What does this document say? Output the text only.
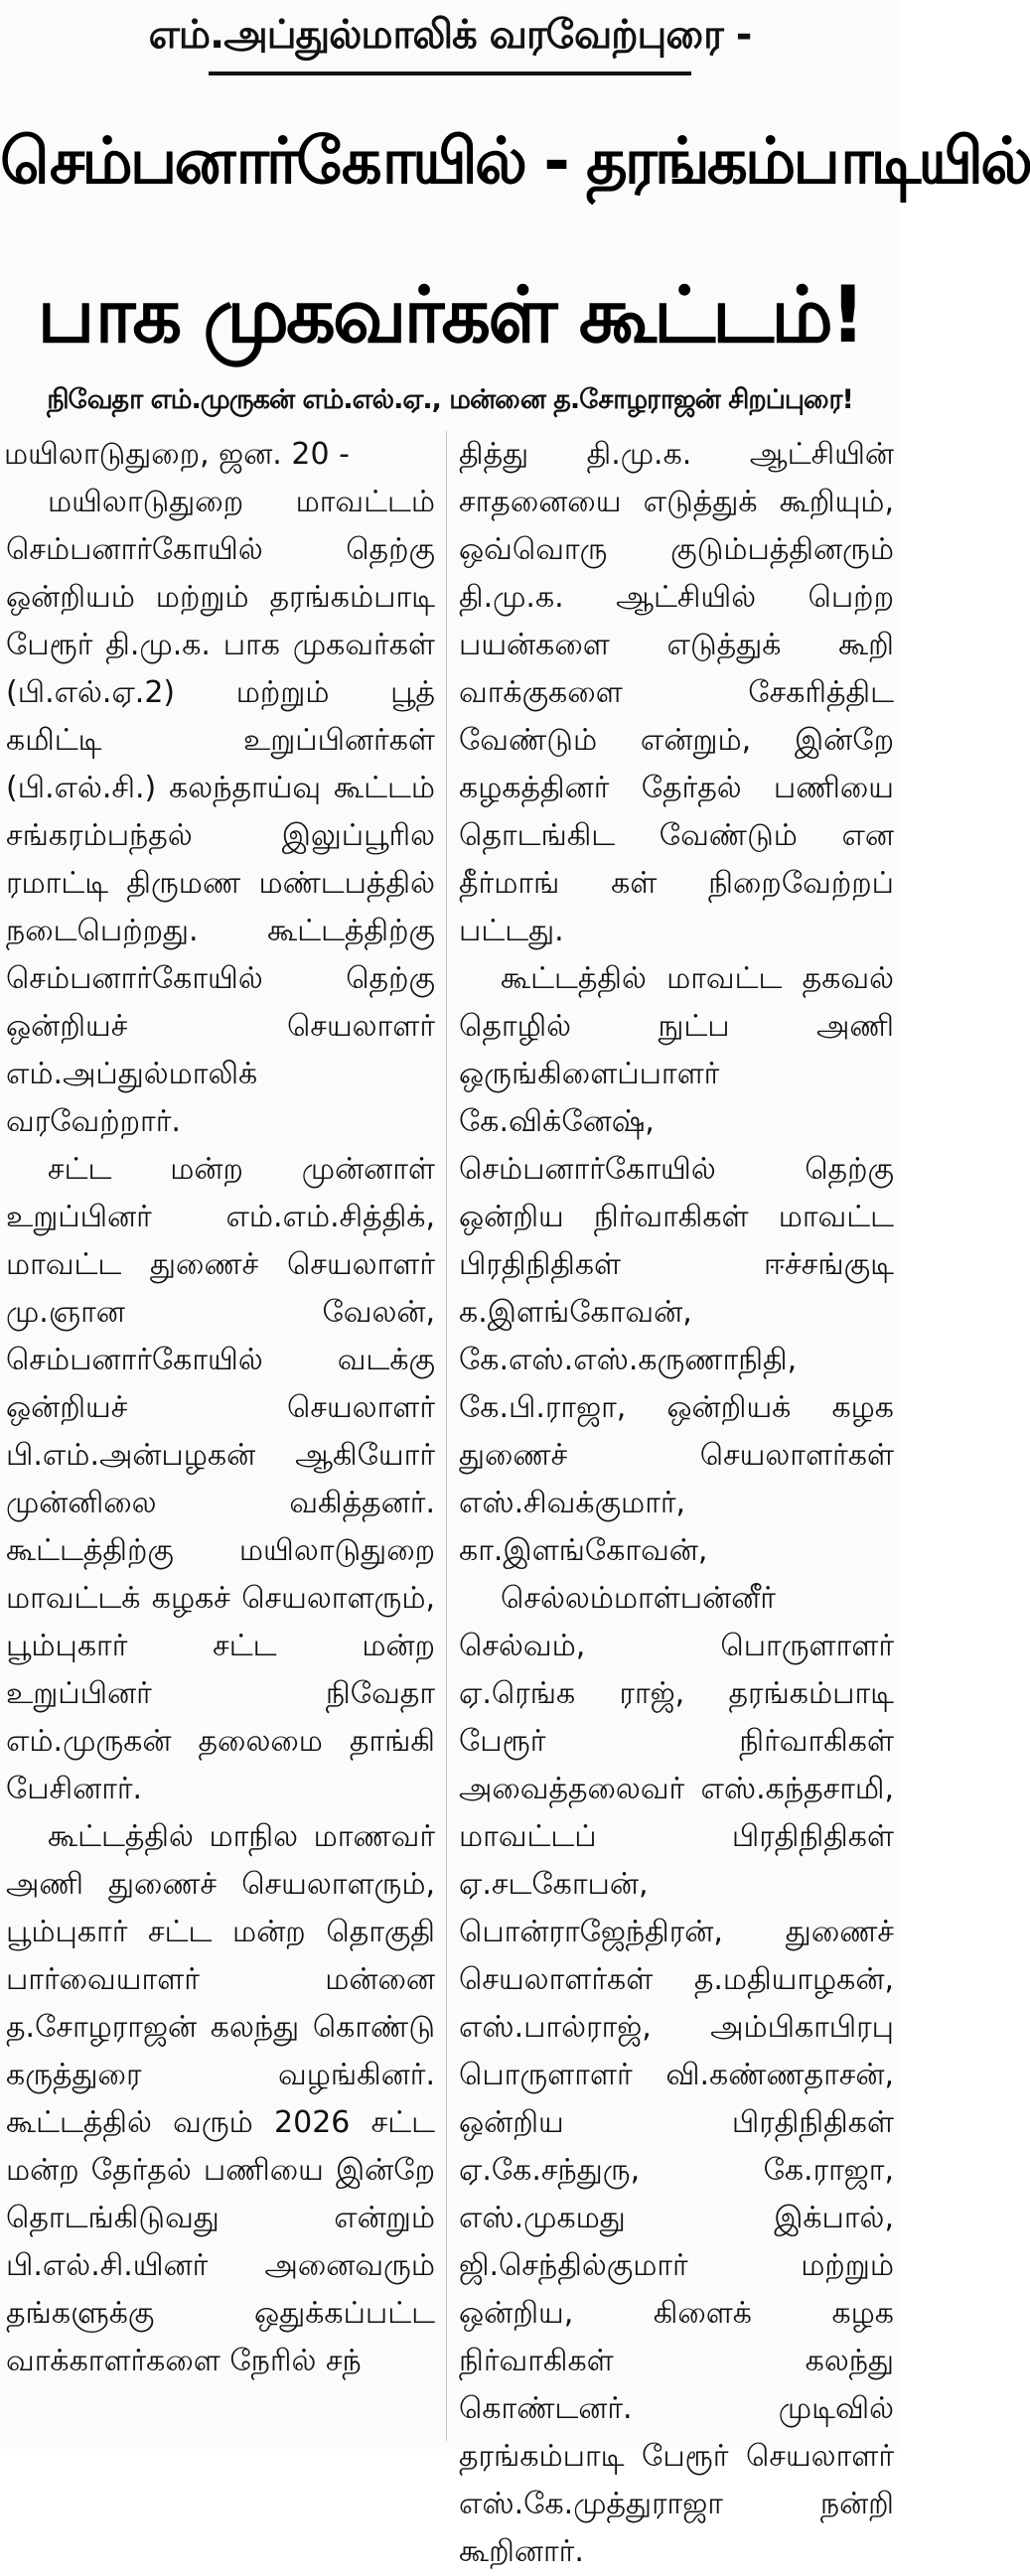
எம்.அப்துல்மாலிக் வரவேற்புரை -
செம்பனார்கோயில் - தரங்கம்பாடியில்
பாக முகவர்கள் கூட்டம்!
நிவேதா எம்.முருகன் எம்.எல்.ஏ., மன்னை த.சோழராஜன் சிறப்புரை!
மயிலாடுதுறை, ஜன. 20 -

மயிலாடுதுறை மாவட்டம் செம்பனார்கோயில் தெற்கு ஒன்றியம் மற்றும் தரங்கம்பாடி பேரூர் தி.மு.க. பாக முகவர்கள் (பி.எல்.ஏ.2) மற்றும் பூத் கமிட்டி உறுப்பினர்கள் (பி.எல்.சி.) கலந்தாய்வு கூட்டம் சங்கரம்பந்தல் இலுப்பூரில ரமாட்டி திருமண மண்டபத்தில் நடைபெற்றது. கூட்டத்திற்கு செம்பனார்கோயில் தெற்கு ஒன்றியச் செயலாளர் எம்.அப்துல்மாலிக் வரவேற்றார்.

சட்ட மன்ற முன்னாள் உறுப்பினர் எம்.எம்.சித்திக், மாவட்ட துணைச் செயலாளர் மு.ஞான வேலன், செம்பனார்கோயில் வடக்கு ஒன்றியச் செயலாளர் பி.எம்.அன்பழகன் ஆகியோர் முன்னிலை வகித்தனர். கூட்டத்திற்கு மயிலாடுதுறை மாவட்டக் கழகச் செயலாளரும், பூம்புகார் சட்ட மன்ற உறுப்பினர் நிவேதா எம்.முருகன் தலைமை தாங்கி பேசினார்.

கூட்டத்தில் மாநில மாணவர் அணி துணைச் செயலாளரும், பூம்புகார் சட்ட மன்ற தொகுதி பார்வையாளர் மன்னை த.சோழராஜன் கலந்து கொண்டு கருத்துரை வழங்கினர். கூட்டத்தில் வரும் 2026 சட்ட மன்ற தேர்தல் பணியை இன்றே தொடங்கிடுவது என்றும் பி.எல்.சி.யினர் அனைவரும் தங்களுக்கு ஒதுக்கப்பட்ட வாக்காளர்களை நேரில் சந்

தித்து தி.மு.க. ஆட்சியின் சாதனையை எடுத்துக் கூறியும், ஒவ்வொரு குடும்பத்தினரும் தி.மு.க. ஆட்சியில் பெற்ற பயன்களை எடுத்துக் கூறி வாக்குகளை சேகரித்திட வேண்டும் என்றும், இன்றே கழகத்தினர் தேர்தல் பணியை தொடங்கிட வேண்டும் என தீர்மாங் கள் நிறைவேற்றப் பட்டது.

கூட்டத்தில் மாவட்ட தகவல் தொழில் நுட்ப அணி ஒருங்கிளைப்பாளர் கே.விக்னேஷ், செம்பனார்கோயில் தெற்கு ஒன்றிய நிர்வாகிகள் மாவட்ட பிரதிநிதிகள் ஈச்சங்குடி க.இளங்கோவன், கே.எஸ்.எஸ்.கருணாநிதி, கே.பி.ராஜா, ஒன்றியக் கழக துணைச் செயலாளர்கள் எஸ்.சிவக்குமார், கா.இளங்கோவன்,

செல்லம்மாள்பன்னீர் செல்வம், பொருளாளர் ஏ.ரெங்க ராஜ், தரங்கம்பாடி பேரூர் நிர்வாகிகள் அவைத்தலைவர் எஸ்.கந்தசாமி, மாவட்டப் பிரதிநிதிகள் ஏ.சடகோபன், பொன்ராஜேந்திரன், துணைச் செயலாளர்கள் த.மதியாழகன், எஸ்.பால்ராஜ், அம்பிகாபிரபு பொருளாளர் வி.கண்ணதாசன், ஒன்றிய பிரதிநிதிகள் ஏ.கே.சந்துரு, கே.ராஜா, எஸ்.முகமது இக்பால், ஜி.செந்தில்குமார் மற்றும் ஒன்றிய, கிளைக் கழக நிர்வாகிகள் கலந்து கொண்டனர். முடிவில் தரங்கம்பாடி பேரூர் செயலாளர் எஸ்.கே.முத்துராஜா நன்றி கூறினார்.
